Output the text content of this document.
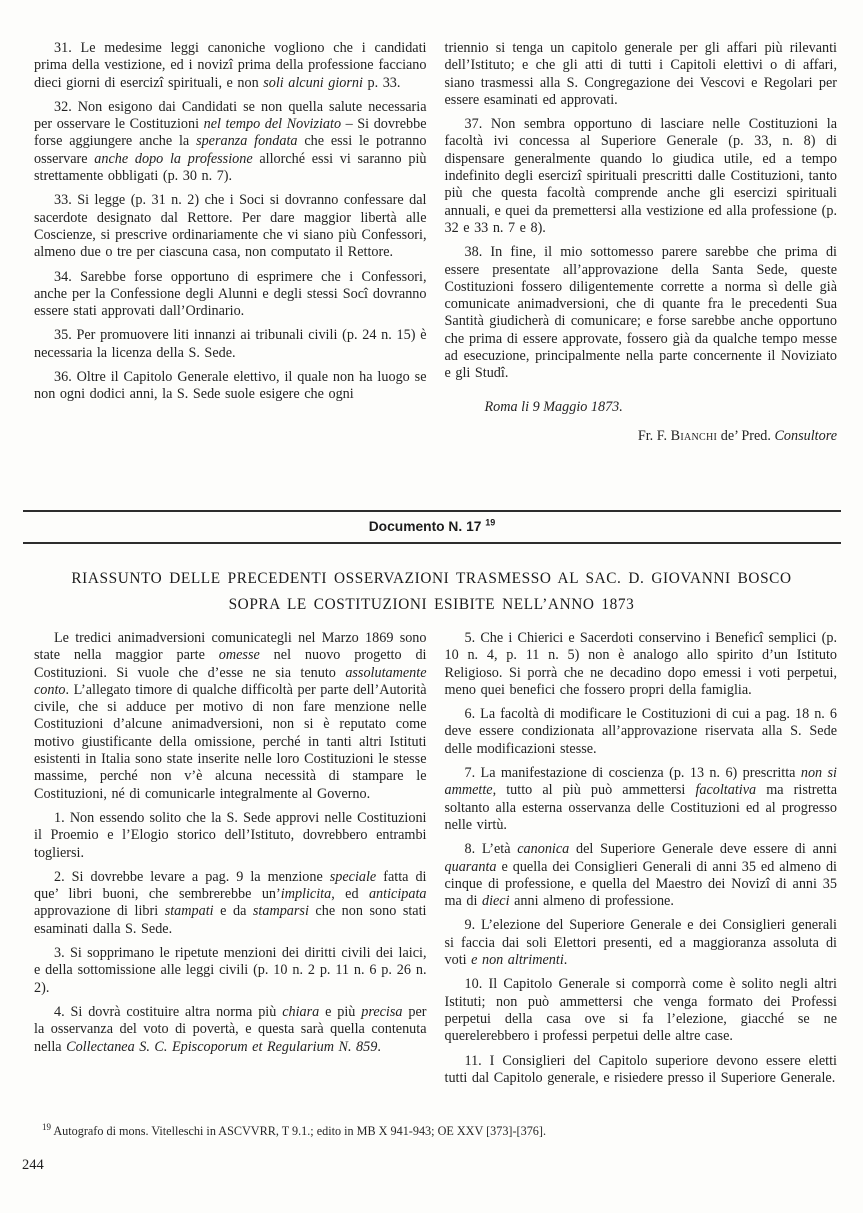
31. Le medesime leggi canoniche vogliono che i candidati prima della vestizione, ed i novizî prima della professione facciano dieci giorni di esercizî spirituali, e non soli alcuni giorni p. 33.

32. Non esigono dai Candidati se non quella salute necessaria per osservare le Costituzioni nel tempo del Noviziato – Si dovrebbe forse aggiungere anche la speranza fondata che essi le potranno osservare anche dopo la professione allorché essi vi saranno più strettamente obbligati (p. 30 n. 7).

33. Si legge (p. 31 n. 2) che i Soci si dovranno confessare dal sacerdote designato dal Rettore. Per dare maggior libertà alle Coscienze, si prescrive ordinariamente che vi siano più Confessori, almeno due o tre per ciascuna casa, non computato il Rettore.

34. Sarebbe forse opportuno di esprimere che i Confessori, anche per la Confessione degli Alunni e degli stessi Socî dovranno essere stati approvati dall’Ordinario.

35. Per promuovere liti innanzi ai tribunali civili (p. 24 n. 15) è necessaria la licenza della S. Sede.

36. Oltre il Capitolo Generale elettivo, il quale non ha luogo se non ogni dodici anni, la S. Sede suole esigere che ogni

triennio si tenga un capitolo generale per gli affari più rilevanti dell’Istituto; e che gli atti di tutti i Capitoli elettivi o di affari, siano trasmessi alla S. Congregazione dei Vescovi e Regolari per essere esaminati ed approvati.

37. Non sembra opportuno di lasciare nelle Costituzioni la facoltà ivi concessa al Superiore Generale (p. 33, n. 8) di dispensare generalmente quando lo giudica utile, ed a tempo indefinito degli esercizî spirituali prescritti dalle Costituzioni, tanto più che questa facoltà comprende anche gli esercizi spirituali annuali, e quei da premettersi alla vestizione ed alla professione (p. 32 e 33 n. 7 e 8).

38. In fine, il mio sottomesso parere sarebbe che prima di essere presentate all’approvazione della Santa Sede, queste Costituzioni fossero diligentemente corrette a norma sì delle già comunicate animadversioni, che di quante fra le precedenti Sua Santità giudicherà di comunicare; e forse sarebbe anche opportuno che prima di essere approvate, fossero già da qualche tempo messe ad esecuzione, principalmente nella parte concernente il Noviziato e gli Studî.

Roma li 9 Maggio 1873.
Fr. F. Bianchi de’ Pred. Consultore
Documento N. 17 $^{19}$
RIASSUNTO DELLE PRECEDENTI OSSERVAZIONI TRASMESSO AL SAC. D. GIOVANNI BOSCO
SOPRA LE COSTITUZIONI ESIBITE NELL’ANNO 1873

Le tredici animadversioni comunicategli nel Marzo 1869 sono state nella maggior parte omesse nel nuovo progetto di Costituzioni. Si vuole che d’esse ne sia tenuto assolutamente conto. L’allegato timore di qualche difficoltà per parte dell’Autorità civile, che si adduce per motivo di non fare menzione nelle Costituzioni d’alcune animadversioni, non si è reputato come motivo giustificante della omissione, perché in tanti altri Istituti esistenti in Italia sono state inserite nelle loro Costituzioni le stesse massime, perché non v’è alcuna necessità di stampare le Costituzioni, né di comunicarle integralmente al Governo.

1. Non essendo solito che la S. Sede approvi nelle Costituzioni il Proemio e l’Elogio storico dell’Istituto, dovrebbero entrambi togliersi.

2. Si dovrebbe levare a pag. 9 la menzione speciale fatta di que’ libri buoni, che sembrerebbe un’implicita, ed anticipata approvazione di libri stampati e da stamparsi che non sono stati esaminati dalla S. Sede.

3. Si sopprimano le ripetute menzioni dei diritti civili dei laici, e della sottomissione alle leggi civili (p. 10 n. 2 p. 11 n. 6 p. 26 n. 2).

4. Si dovrà costituire altra norma più chiara e più precisa per la osservanza del voto di povertà, e questa sarà quella contenuta nella Collectanea S. C. Episcoporum et Regularium N. 859.

5. Che i Chierici e Sacerdoti conservino i Beneficî semplici (p. 10 n. 4, p. 11 n. 5) non è analogo allo spirito d’un Istituto Religioso. Si porrà che ne decadino dopo emessi i voti perpetui, meno quei benefici che fossero propri della famiglia.

6. La facoltà di modificare le Costituzioni di cui a pag. 18 n. 6 deve essere condizionata all’approvazione riservata alla S. Sede delle modificazioni stesse.

7. La manifestazione di coscienza (p. 13 n. 6) prescritta non si ammette, tutto al più può ammettersi facoltativa ma ristretta soltanto alla esterna osservanza delle Costituzioni ed al progresso nelle virtù.

8. L’età canonica del Superiore Generale deve essere di anni quaranta e quella dei Consiglieri Generali di anni 35 ed almeno di cinque di professione, e quella del Maestro dei Novizî di anni 35 ma di dieci anni almeno di professione.

9. L’elezione del Superiore Generale e dei Consiglieri generali si faccia dai soli Elettori presenti, ed a maggioranza assoluta di voti e non altrimenti.

10. Il Capitolo Generale si comporrà come è solito negli altri Istituti; non può ammettersi che venga formato dei Professi perpetui della casa ove si fa l’elezione, giacché se ne querelerebbero i professi perpetui delle altre case.

11. I Consiglieri del Capitolo superiore devono essere eletti tutti dal Capitolo generale, e risiedere presso il Superiore Generale.

$^{19}$ Autografo di mons. Vitelleschi in ASCVVRR, T 9.1.; edito in MB X 941-943; OE XXV [373]-[376].
244
